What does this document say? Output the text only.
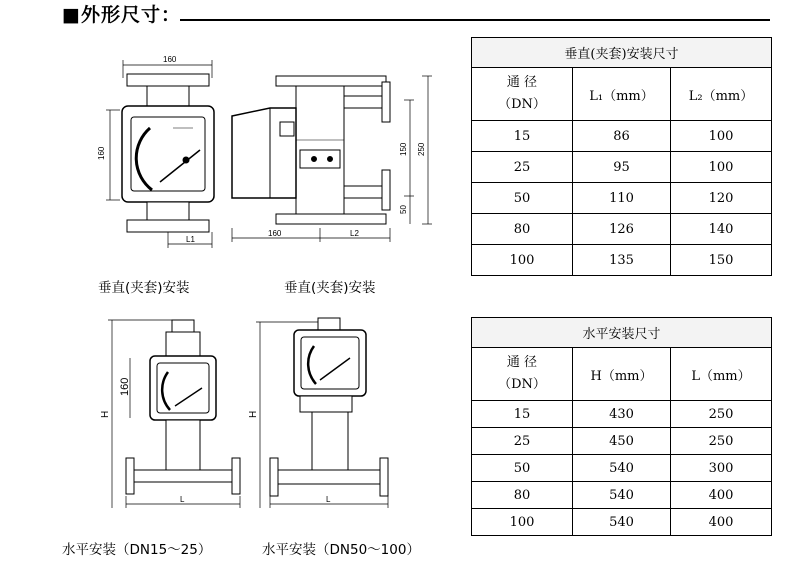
■外形尺寸：
160
160
L1
160	L2
150 250
50
H
160
L
H
L
垂直(夹套)安装	垂直(夹套)安装
水平安装（DN15～25）	水平安装（DN50～100）
垂直(夹套)安装尺寸		

通 径
（DN）	L₁（mm）	L₂（mm）
15	86	100
25	95	100
50	110	120
80	126	140
100	135	150
水平安装尺寸		

通 径
（DN）	H（mm）	L（mm）
15	430	250
25	450	250
50	540	300
80	540	400
100	540	400
